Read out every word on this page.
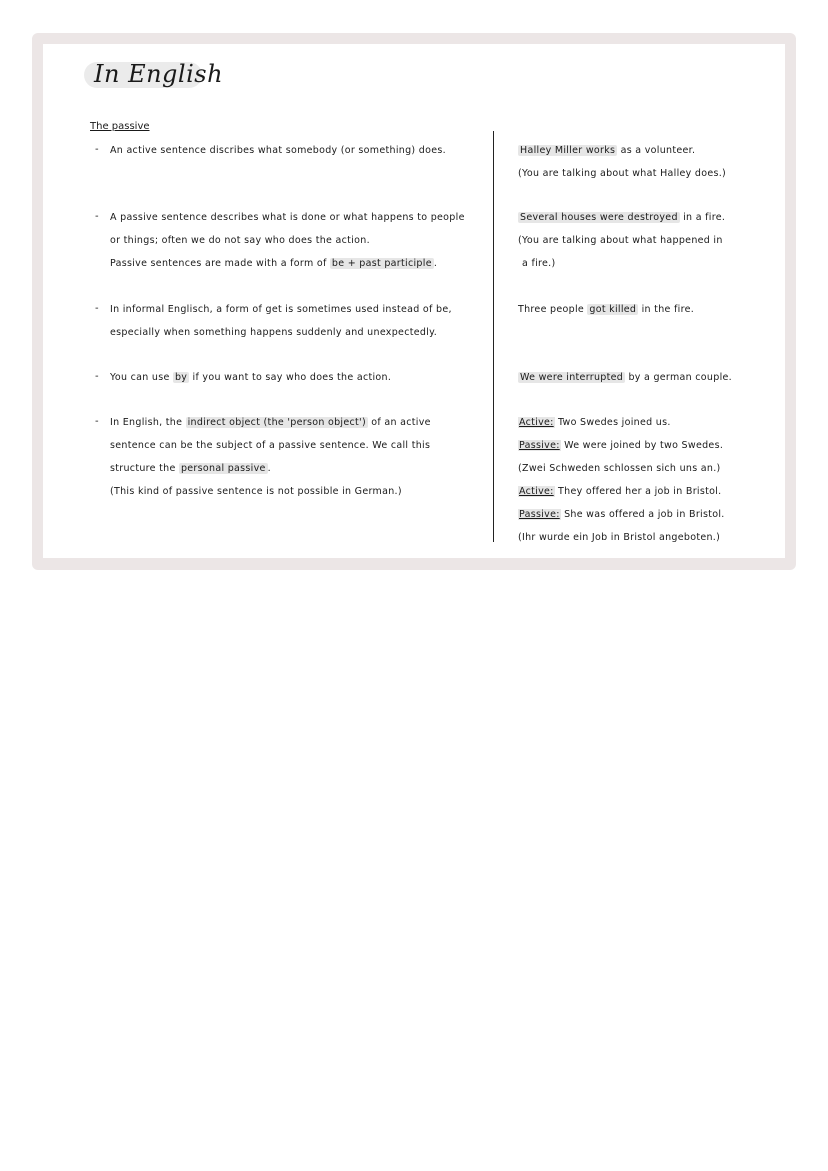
In English
The passive
- An active sentence discribes what somebody (or something) does.
- A passive sentence describes what is done or what happens to people
or things; often we do not say who does the action.
Passive sentences are made with a form of be + past participle .
- In informal Englisch, a form of get is sometimes used instead of be,
especially when something happens suddenly and unexpectedly.
- You can use by if you want to say who does the action.
- In English, the indirect object (the 'person object') of an active
sentence can be the subject of a passive sentence. We call this
structure the personal passive .
(This kind of passive sentence is not possible in German.)
Halley Miller works as a volunteer.
(You are talking about what Halley does.)
Several houses were destroyed in a fire.
(You are talking about what happened in
a fire.)
Three people got killed in the fire.
We were interrupted by a german couple.
Active: Two Swedes joined us.
Passive: We were joined by two Swedes.
(Zwei Schweden schlossen sich uns an.)
Active: They offered her a job in Bristol.
Passive: She was offered a job in Bristol.
(Ihr wurde ein Job in Bristol angeboten.)
